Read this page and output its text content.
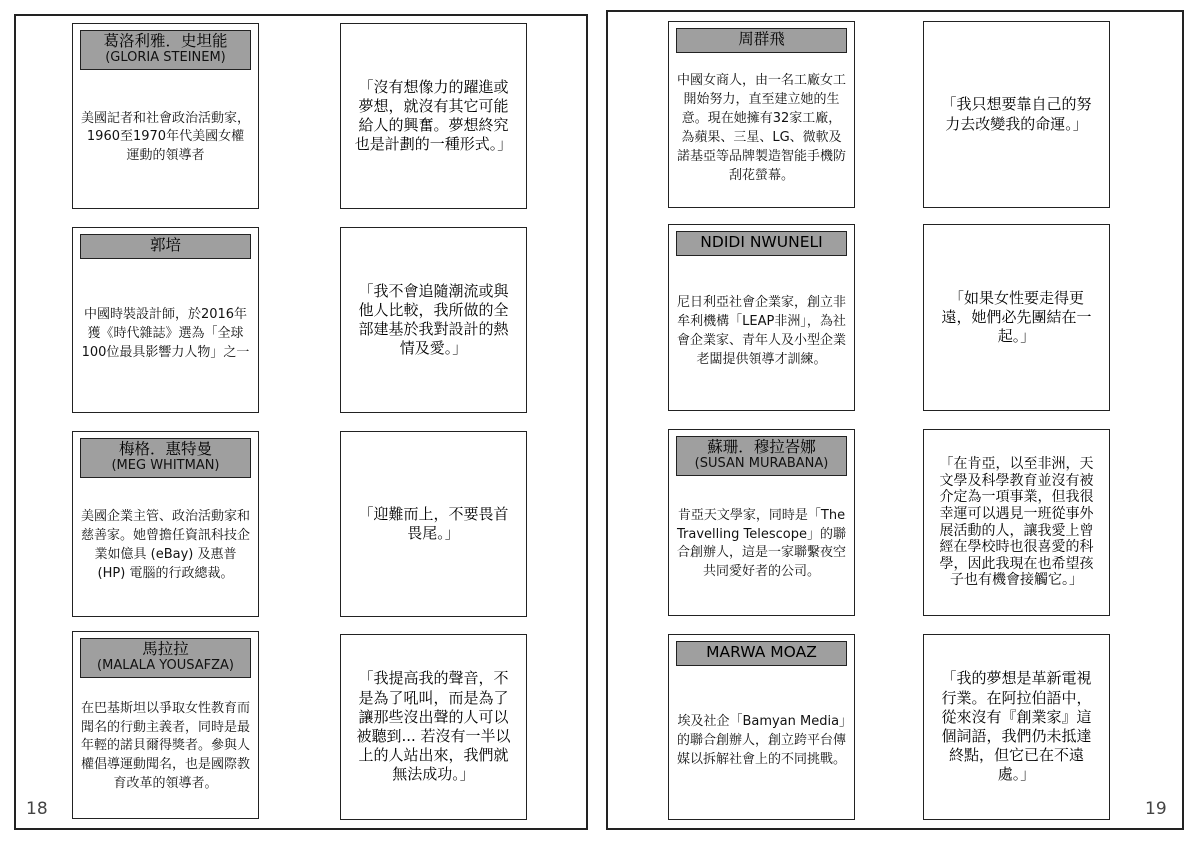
葛洛利雅．史坦能
(GLORIA STEINEM)
美國記者和社會政治活動家，1960至1970年代美國女權運動的領導者
「沒有想像力的躍進或夢想，就沒有其它可能給人的興奮。夢想終究也是計劃的一種形式。」
郭培
中國時裝設計師，於2016年獲《時代雜誌》選為「全球100位最具影響力人物」之一
「我不會追隨潮流或與他人比較，我所做的全部建基於我對設計的熱情及愛。」
梅格．惠特曼
(MEG WHITMAN)
美國企業主管、政治活動家和慈善家。她曾擔任資訊科技企業如億具 (eBay) 及惠普 (HP) 電腦的行政總裁。
「迎難而上，不要畏首畏尾。」
馬拉拉
(MALALA YOUSAFZA)
在巴基斯坦以爭取女性教育而聞名的行動主義者，同時是最年輕的諾貝爾得獎者。參與人權倡導運動聞名，也是國際教育改革的領導者。
「我提高我的聲音，不是為了吼叫，而是為了讓那些沒出聲的人可以被聽到... 若沒有一半以上的人站出來，我們就無法成功。」
18
周群飛
中國女商人，由一名工廠女工開始努力，直至建立她的生意。現在她擁有32家工廠，為蘋果、三星、LG、微軟及諾基亞等品牌製造智能手機防刮花螢幕。
「我只想要靠自己的努力去改變我的命運。」
NDIDI NWUNELI
尼日利亞社會企業家，創立非牟利機構「LEAP非洲」，為社會企業家、青年人及小型企業老闆提供領導才訓練。
「如果女性要走得更遠，她們必先團結在一起。」
蘇珊．穆拉峇娜
(SUSAN MURABANA)
肯亞天文學家，同時是「The Travelling Telescope」的聯合創辦人，這是一家聯繫夜空共同愛好者的公司。
「在肯亞，以至非洲，天文學及科學教育並沒有被介定為一項事業，但我很幸運可以遇見一班從事外展活動的人，讓我愛上曾經在學校時也很喜愛的科學，因此我現在也希望孩子也有機會接觸它。」
MARWA MOAZ
埃及社企「Bamyan Media」的聯合創辦人，創立跨平台傳媒以拆解社會上的不同挑戰。
「我的夢想是革新電視行業。在阿拉伯語中，從來沒有『創業家』這個詞語，我們仍未抵達終點，但它已在不遠處。」
19
